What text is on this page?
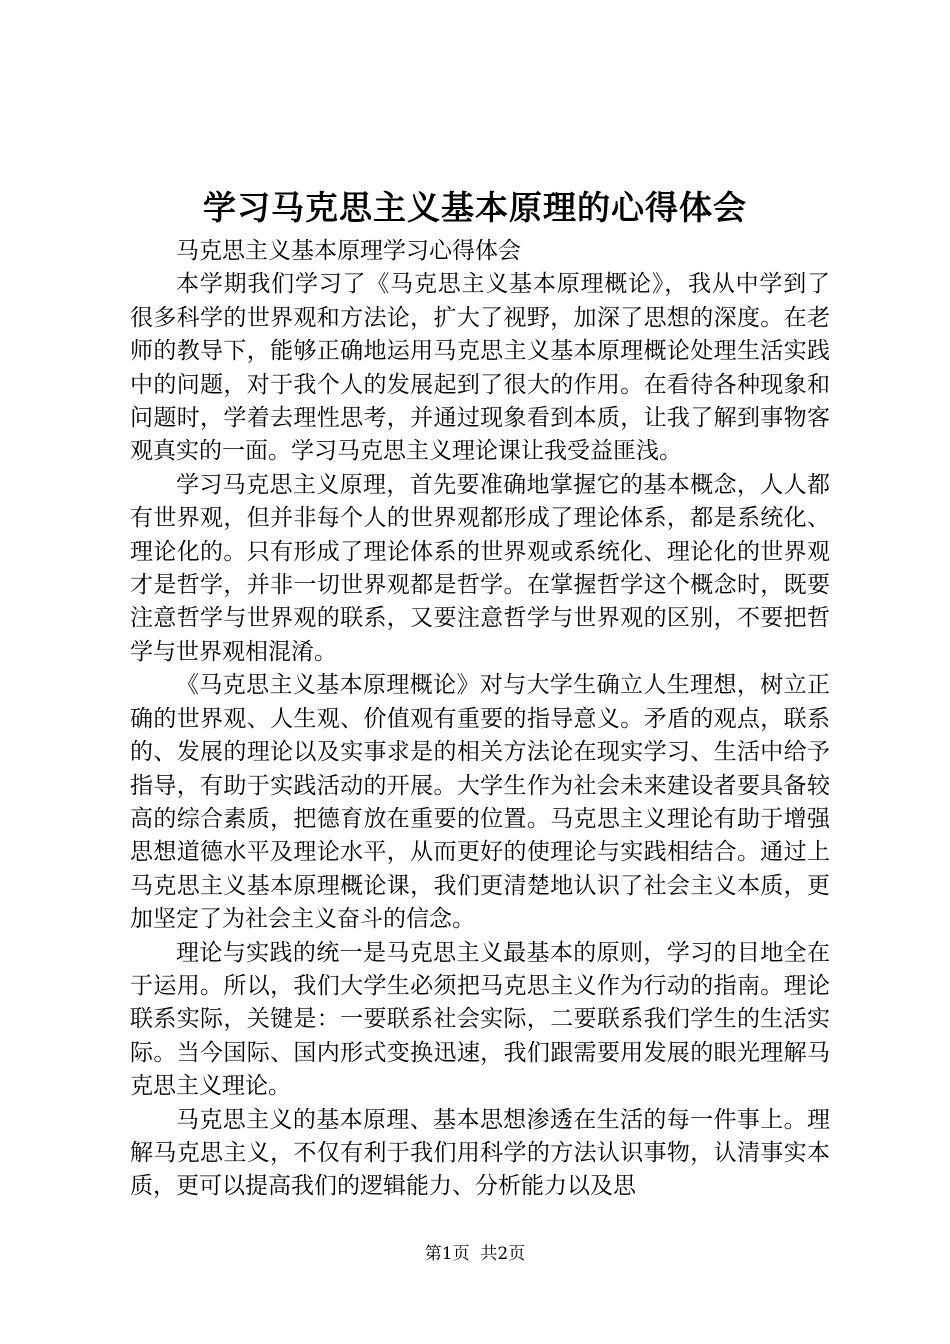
学习马克思主义基本原理的心得体会

马克思主义基本原理学习心得体会

本学期我们学习了《马克思主义基本原理概论》，我从中学到了很多科学的世界观和方法论，扩大了视野，加深了思想的深度。在老师的教导下，能够正确地运用马克思主义基本原理概论处理生活实践中的问题，对于我个人的发展起到了很大的作用。在看待各种现象和问题时，学着去理性思考，并通过现象看到本质，让我了解到事物客观真实的一面。学习马克思主义理论课让我受益匪浅。

学习马克思主义原理，首先要准确地掌握它的基本概念，人人都有世界观，但并非每个人的世界观都形成了理论体系，都是系统化、理论化的。只有形成了理论体系的世界观或系统化、理论化的世界观才是哲学，并非一切世界观都是哲学。在掌握哲学这个概念时，既要注意哲学与世界观的联系，又要注意哲学与世界观的区别，不要把哲学与世界观相混淆。

《马克思主义基本原理概论》对与大学生确立人生理想，树立正确的世界观、人生观、价值观有重要的指导意义。矛盾的观点，联系的、发展的理论以及实事求是的相关方法论在现实学习、生活中给予指导，有助于实践活动的开展。大学生作为社会未来建设者要具备较高的综合素质，把德育放在重要的位置。马克思主义理论有助于增强思想道德水平及理论水平，从而更好的使理论与实践相结合。通过上马克思主义基本原理概论课，我们更清楚地认识了社会主义本质，更加坚定了为社会主义奋斗的信念。

理论与实践的统一是马克思主义最基本的原则，学习的目地全在于运用。所以，我们大学生必须把马克思主义作为行动的指南。理论联系实际，关键是：一要联系社会实际，二要联系我们学生的生活实际。当今国际、国内形式变换迅速，我们跟需要用发展的眼光理解马克思主义理论。

马克思主义的基本原理、基本思想渗透在生活的每一件事上。理解马克思主义，不仅有利于我们用科学的方法认识事物，认清事实本质，更可以提高我们的逻辑能力、分析能力以及思

第1页  共2页
